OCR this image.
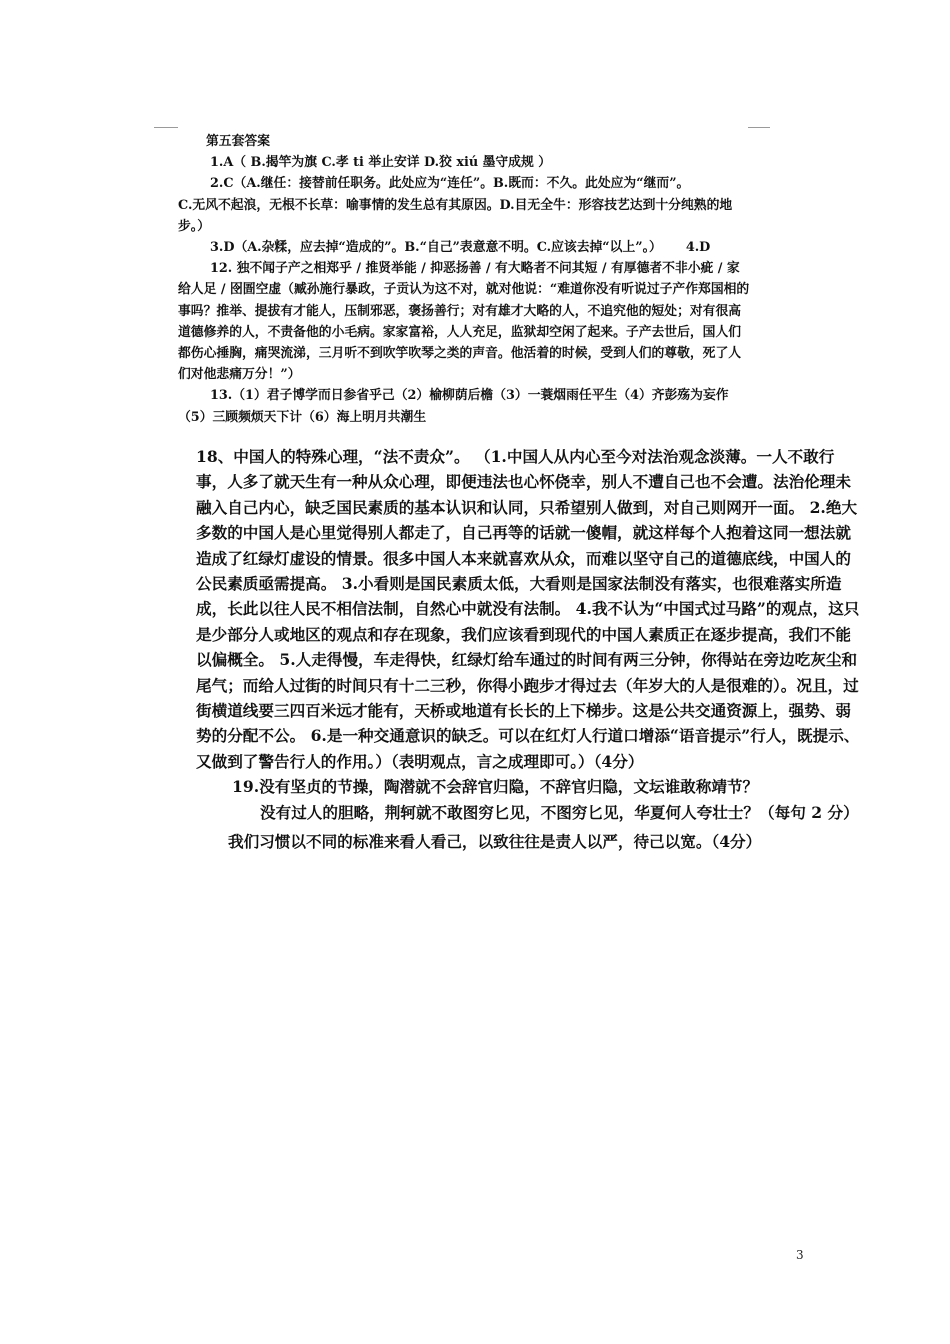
第五套答案

1.A（ B.揭竿为旗 C.孝 ti 举止安详 D.狡 xiú 墨守成规 ）

2.C（A.继任：接替前任职务。此处应为“连任”。B.既而：不久。此处应为“继而”。

C.无风不起浪，无根不长草：喻事情的发生总有其原因。D.目无全牛：形容技艺达到十分纯熟的地步。）

3.D（A.杂糅，应去掉“造成的”。B.“自己”表意意不明。C.应该去掉“以上”。） 4.D

12. 独不闻子产之相郑乎 / 推贤举能 / 抑恶扬善 / 有大略者不问其短 / 有厚德者不非小疵 / 家给人足 / 囹圄空虚（臧孙施行暴政，子贡认为这不对，就对他说：“难道你没有听说过子产作郑国相的事吗？推举、提拔有才能人，压制邪恶，褒扬善行；对有雄才大略的人，不追究他的短处；对有很高道德修养的人，不责备他的小毛病。家家富裕，人人充足，监狱却空闲了起来。子产去世后，国人们都伤心捶胸，痛哭流涕，三月听不到吹竽吹琴之类的声音。他活着的时候，受到人们的尊敬，死了人们对他悲痛万分！”）

13.（1）君子博学而日参省乎己（2）榆柳荫后檐（3）一蓑烟雨任平生（4）齐彭殇为妄作（5）三顾频烦天下计（6）海上明月共潮生

18、中国人的特殊心理，“法不责众”。 （1.中国人从内心至今对法治观念淡薄。一人不敢行事，人多了就天生有一种从众心理，即便违法也心怀侥幸，别人不遭自己也不会遭。法治伦理未融入自己内心，缺乏国民素质的基本认识和认同，只希望别人做到，对自己则网开一面。 2.绝大多数的中国人是心里觉得别人都走了，自己再等的话就一傻帽，就这样每个人抱着这同一想法就造成了红绿灯虚设的情景。很多中国人本来就喜欢从众，而难以坚守自己的道德底线，中国人的公民素质亟需提高。 3.小看则是国民素质太低，大看则是国家法制没有落实，也很难落实所造成，长此以往人民不相信法制，自然心中就没有法制。 4.我不认为“中国式过马路”的观点，这只是少部分人或地区的观点和存在现象，我们应该看到现代的中国人素质正在逐步提高，我们不能以偏概全。 5.人走得慢，车走得快，红绿灯给车通过的时间有两三分钟，你得站在旁边吃灰尘和尾气；而给人过街的时间只有十二三秒，你得小跑步才得过去（年岁大的人是很难的）。况且，过街横道线要三四百米远才能有，天桥或地道有长长的上下梯步。这是公共交通资源上，强势、弱势的分配不公。 6.是一种交通意识的缺乏。可以在红灯人行道口增添“语音提示”行人，既提示、又做到了警告行人的作用。）（表明观点，言之成理即可。）（4分）

19.没有坚贞的节操，陶潜就不会辞官归隐，不辞官归隐，文坛谁敢称靖节？

没有过人的胆略，荆轲就不敢图穷匕见，不图穷匕见，华夏何人夸壮士？（每句 2 分）

我们习惯以不同的标准来看人看己，以致往往是责人以严，待己以宽。（4分）

3
